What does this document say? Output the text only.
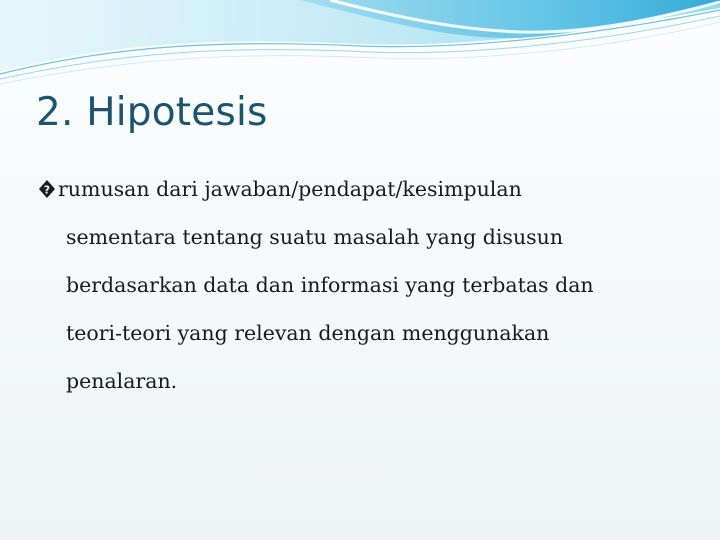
2. Hipotesis
? rumusan dari jawaban/pendapat/kesimpulan
sementara tentang suatu masalah yang disusun
berdasarkan data dan informasi yang terbatas dan
teori-teori yang relevan dengan menggunakan
penalaran.
